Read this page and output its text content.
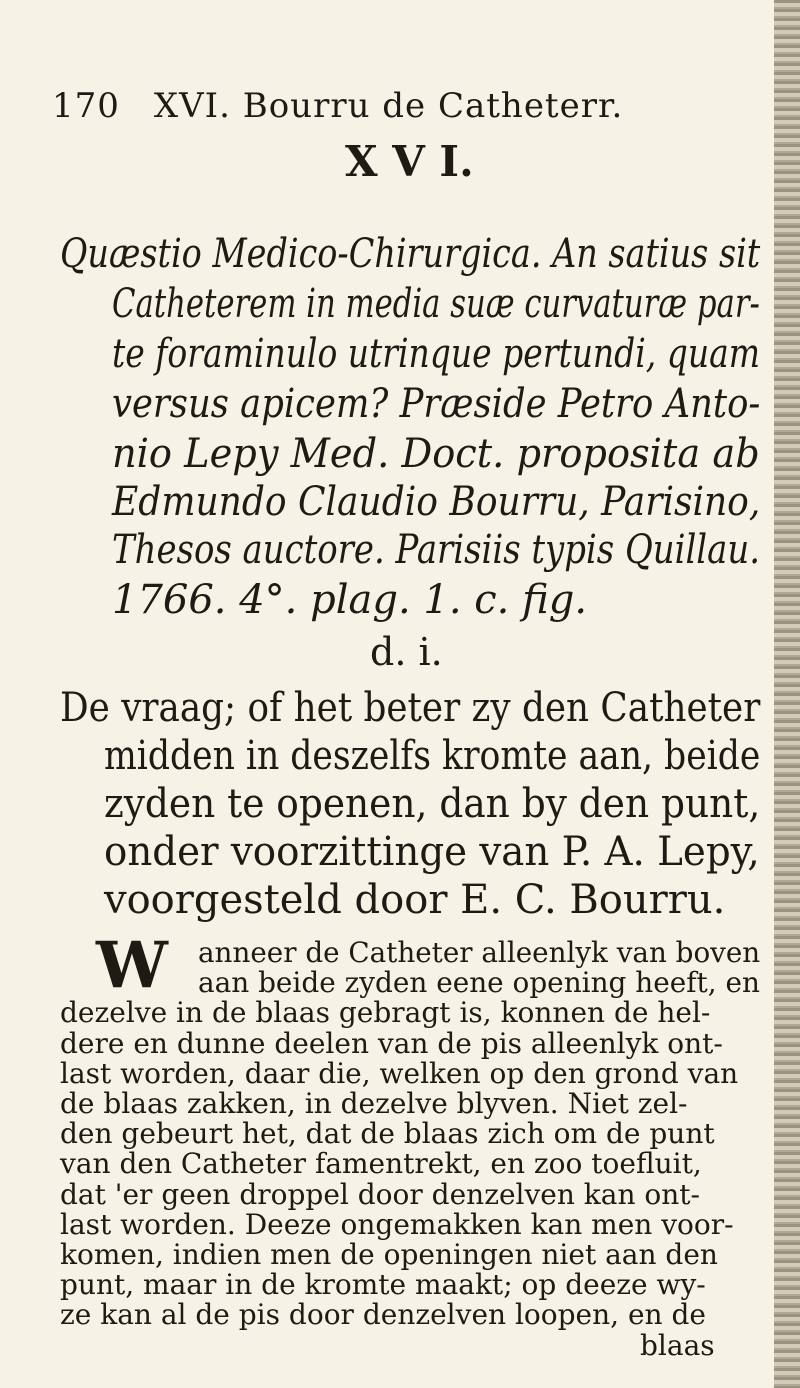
170 XVI. Bourru de Catheterr.
X V I.
Quæstio Medico-Chirurgica. An satius sit
Catheterem in media suæ curvaturæ par-
te foraminulo utrinque pertundi, quam
versus apicem? Præside Petro Anto-
nio Lepy Med. Doct. proposita ab
Edmundo Claudio Bourru, Parisino,
Thesos auctore. Parisiis typis Quillau.
1766. 4°. plag. 1. c. fig.
d. i.
De vraag; of het beter zy den Catheter
midden in deszelfs kromte aan, beide
zyden te openen, dan by den punt,
onder voorzittinge van P. A. Lepy,
voorgesteld door E. C. Bourru.
W anneer de Catheter alleenlyk van boven
aan beide zyden eene opening heeft, en
dezelve in de blaas gebragt is, konnen de hel-
dere en dunne deelen van de pis alleenlyk ont-
last worden, daar die, welken op den grond van
de blaas zakken, in dezelve blyven. Niet zel-
den gebeurt het, dat de blaas zich om de punt
van den Catheter famentrekt, en zoo toefluit,
dat 'er geen droppel door denzelven kan ont-
last worden. Deeze ongemakken kan men voor-
komen, indien men de openingen niet aan den
punt, maar in de kromte maakt; op deeze wy-
ze kan al de pis door denzelven loopen, en de
blaas
